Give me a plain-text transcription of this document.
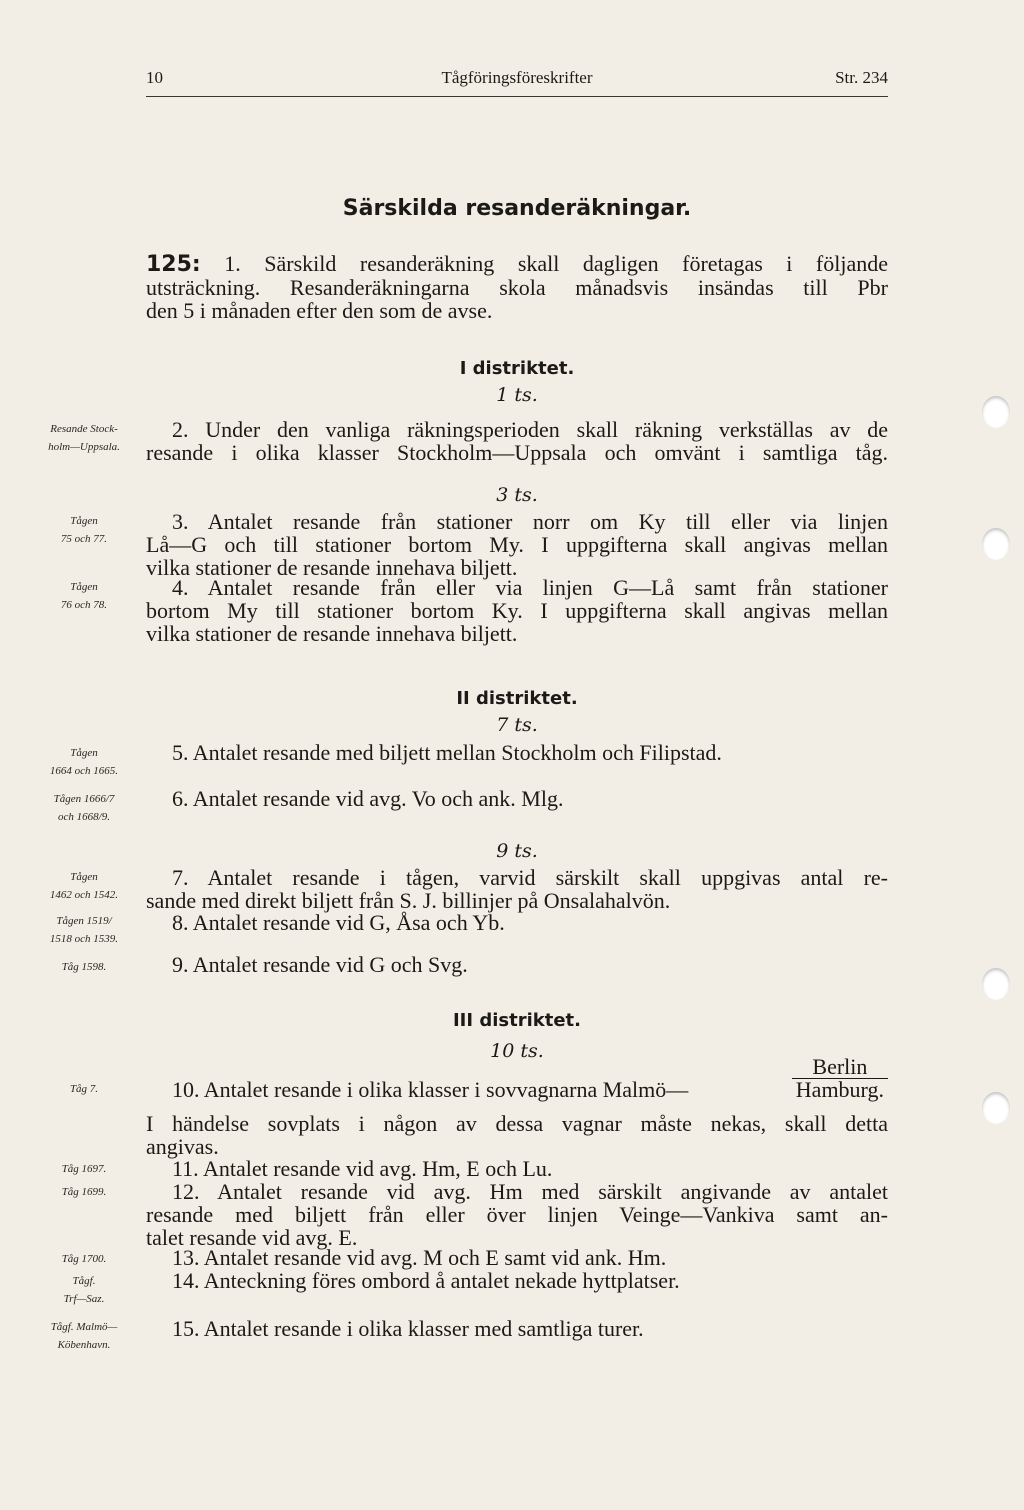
10	Tågföringsföreskrifter	Str. 234
Särskilda resanderäkningar.
125: 1. Särskild resanderäkning skall dagligen företagas i följande
utsträckning. Resanderäkningarna skola månadsvis insändas till Pbr
den 5 i månaden efter den som de avse.
I distriktet.
1 ts.
Resande Stock-
holm—Uppsala.
2. Under den vanliga räkningsperioden skall räkning verkställas av de
resande i olika klasser Stockholm—Uppsala och omvänt i samtliga tåg.
3 ts.
Tågen
75 och 77.
3. Antalet resande från stationer norr om Ky till eller via linjen
Lå—G och till stationer bortom My. I uppgifterna skall angivas mellan
vilka stationer de resande innehava biljett.
Tågen
76 och 78.
4. Antalet resande från eller via linjen G—Lå samt från stationer
bortom My till stationer bortom Ky. I uppgifterna skall angivas mellan
vilka stationer de resande innehava biljett.
II distriktet.
7 ts.
Tågen
1664 och 1665.
5. Antalet resande med biljett mellan Stockholm och Filipstad.
Tågen 1666/7
och 1668/9.
6. Antalet resande vid avg. Vo och ank. Mlg.
9 ts.
Tågen
1462 och 1542.
7. Antalet resande i tågen, varvid särskilt skall uppgivas antal re-
sande med direkt biljett från S. J. billinjer på Onsalahalvön.
Tågen 1519/
1518 och 1539.
8. Antalet resande vid G, Åsa och Yb.
Tåg 1598.	9. Antalet resande vid G och Svg.
III distriktet.
10 ts.
Tåg 7.	10. Antalet resande i olika klasser i sovvagnarna Malmö—
Berlin
Hamburg.
I händelse sovplats i någon av dessa vagnar måste nekas, skall detta
angivas.
Tåg 1697.	11. Antalet resande vid avg. Hm, E och Lu.
Tåg 1699.	12. Antalet resande vid avg. Hm med särskilt angivande av antalet
resande med biljett från eller över linjen Veinge—Vankiva samt an-
talet resande vid avg. E.
Tåg 1700.	13. Antalet resande vid avg. M och E samt vid ank. Hm.
Tågf.
Trf—Saz.
14. Anteckning föres ombord å antalet nekade hyttplatser.
Tågf. Malmö—
Köbenhavn.
15. Antalet resande i olika klasser med samtliga turer.
